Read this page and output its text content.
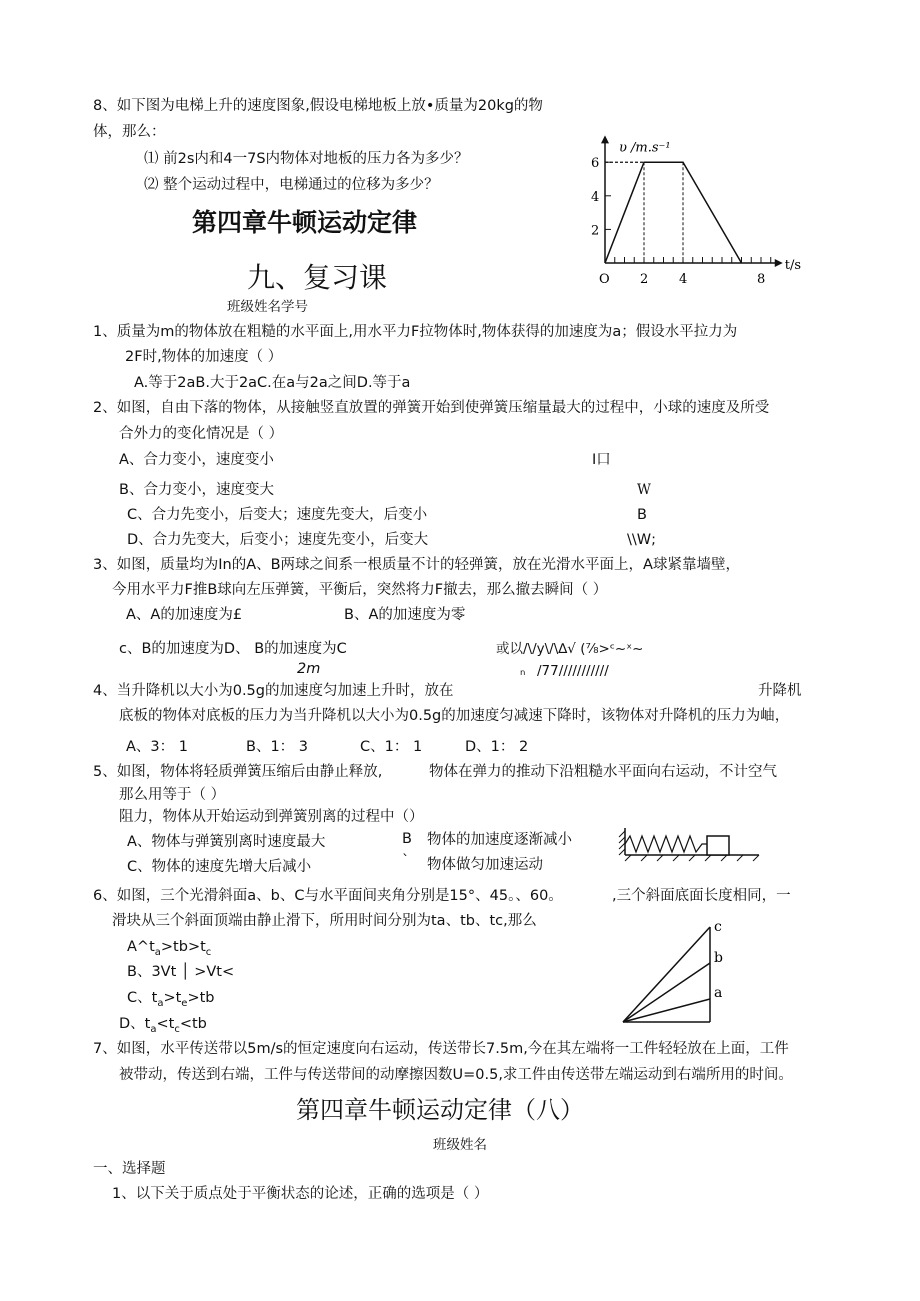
8、如下图为电梯上升的速度图象,假设电梯地板上放•质量为20kg的物
体，那么：
⑴ 前2s内和4一7S内物体对地板的压力各为多少？
⑵ 整个运动过程中，电梯通过的位移为多少？
t/s
υ /m.s⁻¹
O 2 4	8
2
4
6
第四章牛顿运动定律
九、复习课
班级姓名学号
1、质量为m的物体放在粗糙的水平面上,用水平力F拉物体时,物体获得的加速度为a；假设水平拉力为
2F时,物体的加速度（ ）
A.等于2aB.大于2aC.在a与2a之间D.等于a
2、如图，自由下落的物体，从接触竖直放置的弹簧开始到使弹簧压缩量最大的过程中，小球的速度及所受
合外力的变化情况是（ ）
A、合力变小，速度变小	I口
B、合力变小，速度变大	W
C、合力先变小，后变大；速度先变大，后变小	B
D、合力先变大，后变小；速度先变小，后变大	\\W;
3、如图，质量均为In的A、B两球之间系一根质量不计的轻弹簧，放在光滑水平面上，A球紧靠墙壁，
今用水平力F推B球向左压弹簧，平衡后，突然将力F撤去，那么撤去瞬间（ ）
A、A的加速度为£	B、A的加速度为零
c、B的加速度为D、 B的加速度为C
2m
或以/\/y\/\∆√ (⅞>ᶜ~ˣ~
ₙ /77///////////
4、当升降机以大小为0.5g的加速度匀加速上升时，放在	升降机
底板的物体对底板的压力为当升降机以大小为0.5g的加速度匀减速下降时，该物体对升降机的压力为岫，
A、3： 1	B、1： 3	C、1： 1	D、1： 2
5、如图，物体将轻质弹簧压缩后由静止释放,	物体在弹力的推动下沿粗糙水平面向右运动，不计空气
那么用等于（ ）
阻力，物体从开始运动到弹簧别离的过程中（）
A、物体与弹簧别离时速度最大	B 物体的加速度逐渐减小
C、物体的速度先增大后减小	ˋ 物体做匀加速运动
6、如图，三个光滑斜面a、b、C与水平面间夹角分别是15°、45。、60。	,三个斜面底面长度相同，一
滑块从三个斜面顶端由静止滑下，所用时间分别为ta、tb、tc,那么
$A\^{}t_a>tb>t_c$
B、3Vt │ >Vt<
C、$t_a>t_e>tb$
D、$t_a<t_c<tb$
c
b
a
7、如图，水平传送带以5m∕s的恒定速度向右运动，传送带长7.5m,今在其左端将一工件轻轻放在上面，工件
被带动，传送到右端，工件与传送带间的动摩擦因数U=0.5,求工件由传送带左端运动到右端所用的时间。
第四章牛顿运动定律（八）
班级姓名
一、选择题
1、以下关于质点处于平衡状态的论述，正确的选项是（ ）
